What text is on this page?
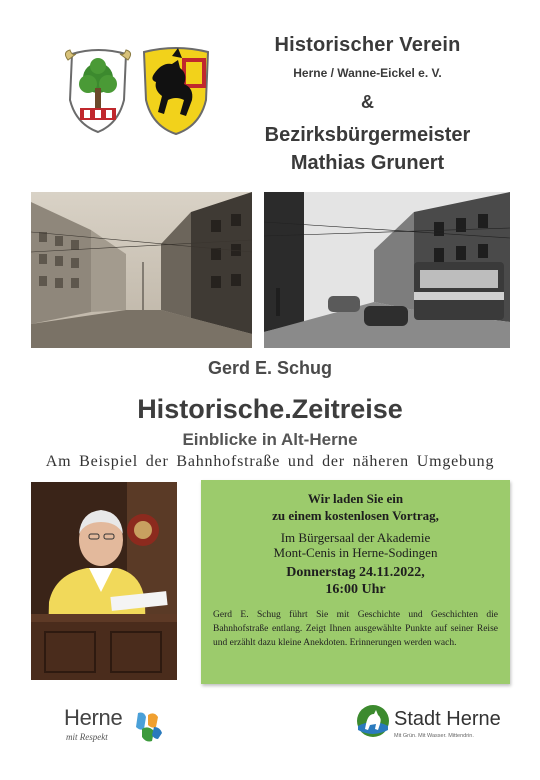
Historischer Verein
Herne / Wanne-Eickel e. V.
&
Bezirksbürgermeister
Mathias Grunert
Gerd E. Schug
Historische.Zeitreise
Einblicke in Alt-Herne
Am Beispiel der Bahnhofstraße und der näheren Umgebung
Wir laden Sie ein
zu einem kostenlosen Vortrag,
Im Bürgersaal der Akademie
Mont-Cenis in Herne-Sodingen
Donnerstag 24.11.2022,
16:00 Uhr
Gerd E. Schug führt Sie mit Geschichte und Geschichten die Bahnhofstraße entlang. Zeigt Ihnen ausgewählte Punkte auf seiner Reise und erzählt dazu kleine Anekdoten. Erinnerungen werden wach.
Herne
mit Respekt
Stadt Herne
Mit Grün. Mit Wasser. Mittendrin.
